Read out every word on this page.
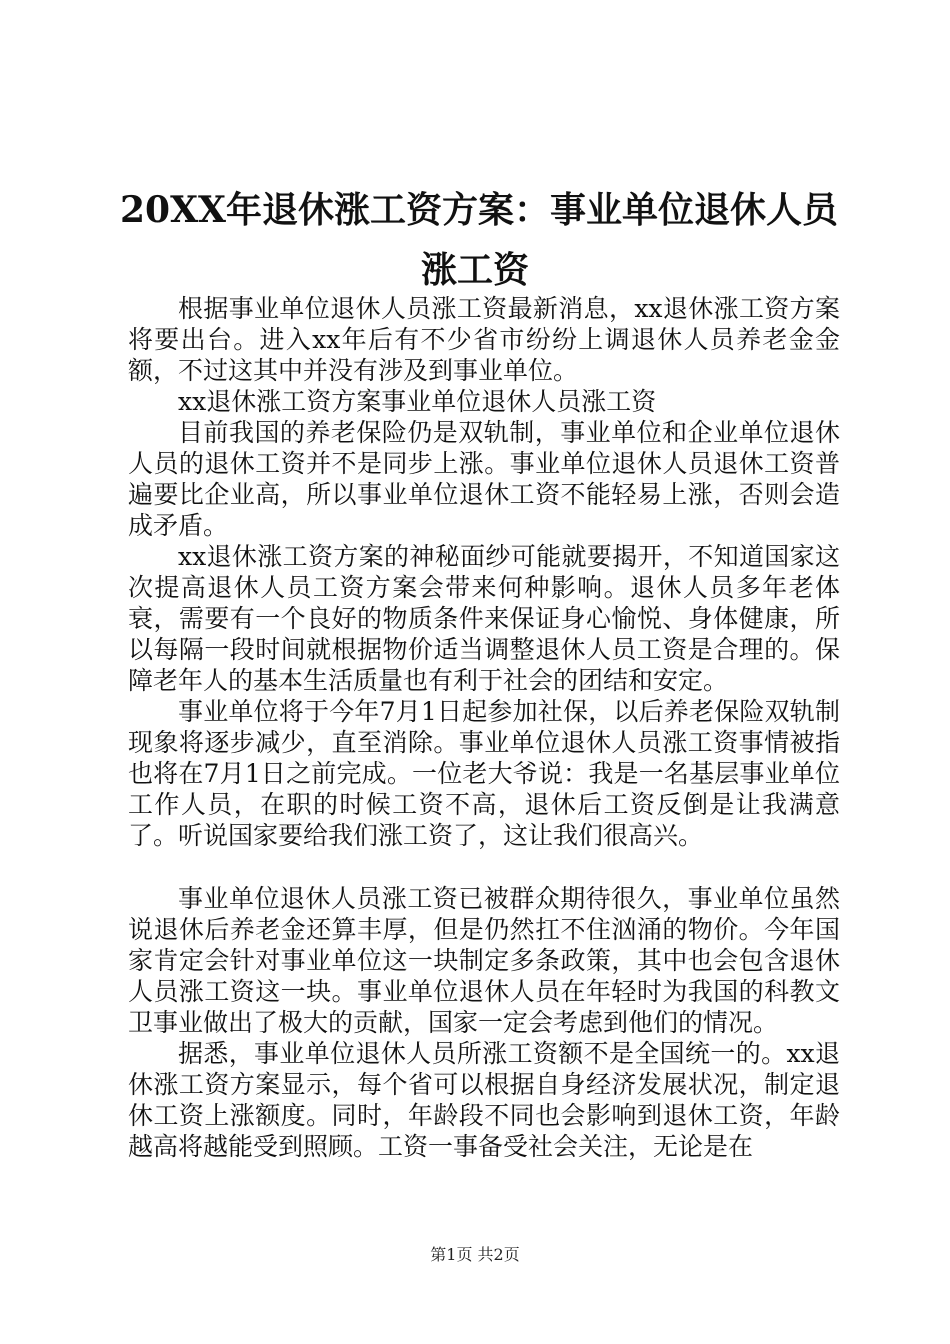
20XX年退休涨工资方案：事业单位退休人员
涨工资

根据事业单位退休人员涨工资最新消息，xx退休涨工资方案将要出台。进入xx年后有不少省市纷纷上调退休人员养老金金额，不过这其中并没有涉及到事业单位。

xx退休涨工资方案事业单位退休人员涨工资

目前我国的养老保险仍是双轨制，事业单位和企业单位退休人员的退休工资并不是同步上涨。事业单位退休人员退休工资普遍要比企业高，所以事业单位退休工资不能轻易上涨，否则会造成矛盾。

xx退休涨工资方案的神秘面纱可能就要揭开，不知道国家这次提高退休人员工资方案会带来何种影响。退休人员多年老体衰，需要有一个良好的物质条件来保证身心愉悦、身体健康，所以每隔一段时间就根据物价适当调整退休人员工资是合理的。保障老年人的基本生活质量也有利于社会的团结和安定。

事业单位将于今年7月1日起参加社保，以后养老保险双轨制现象将逐步减少，直至消除。事业单位退休人员涨工资事情被指也将在7月1日之前完成。一位老大爷说：我是一名基层事业单位工作人员，在职的时候工资不高，退休后工资反倒是让我满意了。听说国家要给我们涨工资了，这让我们很高兴。

事业单位退休人员涨工资已被群众期待很久，事业单位虽然说退休后养老金还算丰厚，但是仍然扛不住汹涌的物价。今年国家肯定会针对事业单位这一块制定多条政策，其中也会包含退休人员涨工资这一块。事业单位退休人员在年轻时为我国的科教文卫事业做出了极大的贡献，国家一定会考虑到他们的情况。

据悉，事业单位退休人员所涨工资额不是全国统一的。xx退休涨工资方案显示，每个省可以根据自身经济发展状况，制定退休工资上涨额度。同时，年龄段不同也会影响到退休工资，年龄越高将越能受到照顾。工资一事备受社会关注，无论是在

第1页 共2页
